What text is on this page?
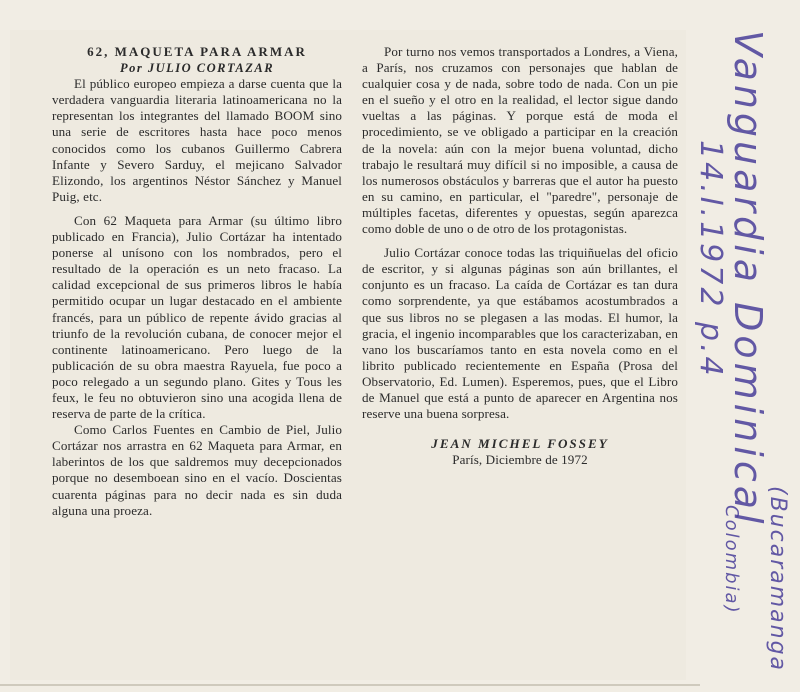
62, MAQUETA PARA ARMAR

Por JULIO CORTAZAR

El público europeo empieza a darse cuenta que la verdadera vanguardia literaria latinoamericana no la representan los integrantes del llamado BOOM sino una serie de escritores hasta hace poco menos conocidos como los cubanos Guillermo Cabrera Infante y Severo Sarduy, el mejicano Salvador Elizondo, los argentinos Néstor Sánchez y Manuel Puig, etc.

Con 62 Maqueta para Armar (su último libro publicado en Francia), Julio Cortázar ha intentado ponerse al unísono con los nombrados, pero el resultado de la operación es un neto fracaso. La calidad excepcional de sus primeros libros le había permitido ocupar un lugar destacado en el ambiente francés, para un público de repente ávido gracias al triunfo de la revolución cubana, de conocer mejor el continente latinoamericano. Pero luego de la publicación de su obra maestra Rayuela, fue poco a poco relegado a un segundo plano. Gites y Tous les feux, le feu no obtuvieron sino una acogida llena de reserva de parte de la crítica.

Como Carlos Fuentes en Cambio de Piel, Julio Cortázar nos arrastra en 62 Maqueta para Armar, en laberintos de los que saldremos muy decepcionados porque no desemboean sino en el vacío. Doscientas cuarenta páginas para no decir nada es sin duda alguna una proeza.

Por turno nos vemos transportados a Londres, a Viena, a París, nos cruzamos con personajes que hablan de cualquier cosa y de nada, sobre todo de nada. Con un pie en el sueño y el otro en la realidad, el lector sigue dando vueltas a las páginas. Y porque está de moda el procedimiento, se ve obligado a participar en la creación de la novela: aún con la mejor buena voluntad, dicho trabajo le resultará muy difícil si no imposible, a causa de los numerosos obstáculos y barreras que el autor ha puesto en su camino, en particular, el "paredre", personaje de múltiples facetas, diferentes y opuestas, según aparezca como doble de uno o de otro de los protagonistas.

Julio Cortázar conoce todas las triquiñuelas del oficio de escritor, y si algunas páginas son aún brillantes, el conjunto es un fracaso. La caída de Cortázar es tan dura como sorprendente, ya que estábamos acostumbrados a que sus libros no se plegasen a las modas. El humor, la gracia, el ingenio incomparables que los caracterizaban, en vano los buscaríamos tanto en esta novela como en el librito publicado recientemente en España (Prosa del Observatorio, Ed. Lumen). Esperemos, pues, que el Libro de Manuel que está a punto de aparecer en Argentina nos reserve una buena sorpresa.

JEAN MICHEL FOSSEY

París, Diciembre de 1972	Vanguardia Dominical
14.I.1972 p.4
(Bucaramanga
Colombia)
